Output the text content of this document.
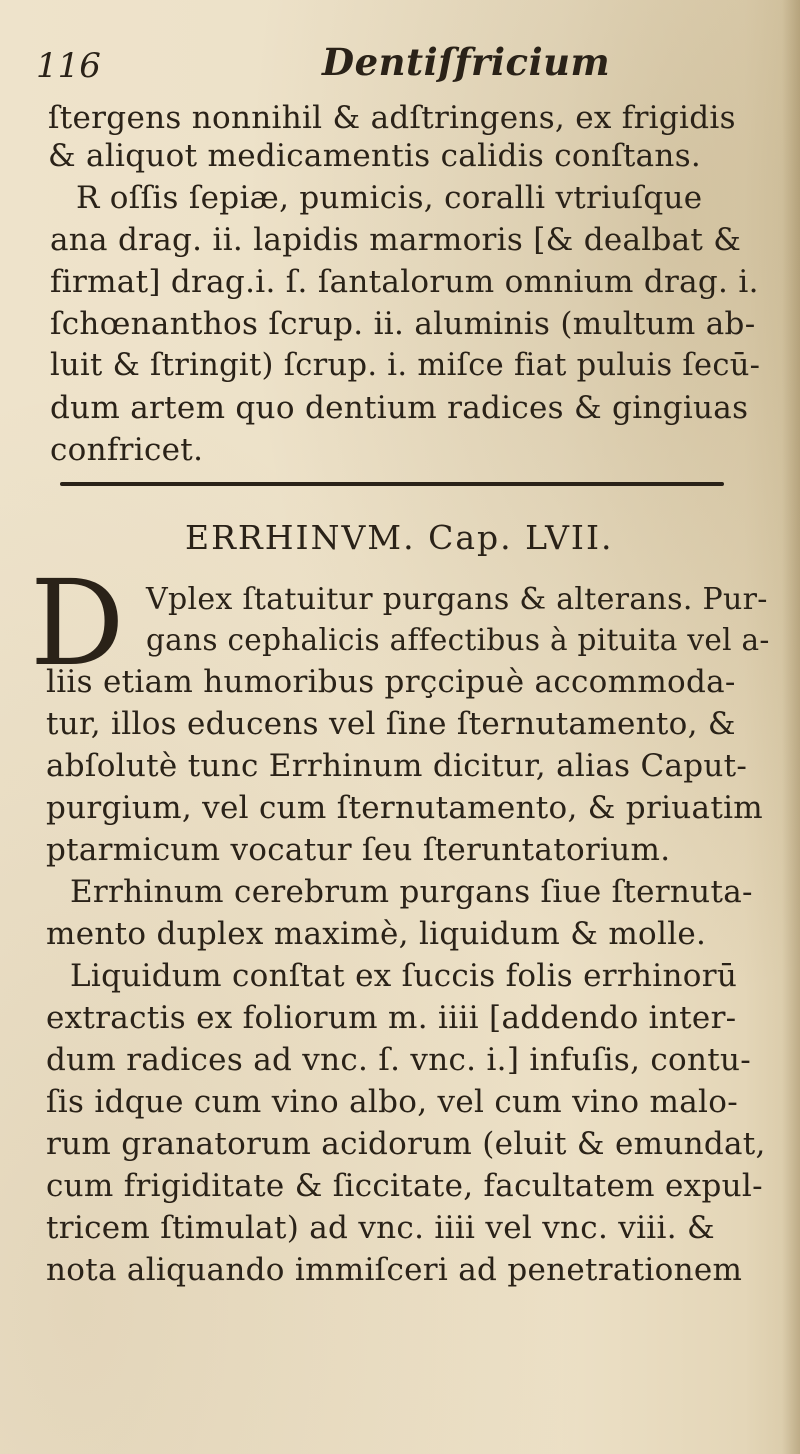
116	Dentiſfricium
ſtergens nonnihil & adſtringens, ex frigidis
& aliquot medicamentis calidis conſtans.
R oſſis ſepiæ, pumicis, coralli vtriuſque
ana drag. ii. lapidis marmoris [& dealbat &
firmat] drag.i. ſ. ſantalorum omnium drag. i.
ſchœnanthos ſcrup. ii. aluminis (multum ab-
luit & ſtringit) ſcrup. i. miſce fiat puluis ſecū-
dum artem quo dentium radices & gingiuas
confricet.
ERRHINVM. Cap. LVII.
D Vplex ſtatuitur purgans & alterans. Pur-
gans cephalicis affectibus à pituita vel a-
liis etiam humoribus prçcipuè accommoda-
tur, illos educens vel ſine ſternutamento, &
abſolutè tunc Errhinum dicitur, alias Caput-
purgium, vel cum ſternutamento, & priuatim
ptarmicum vocatur ſeu ſteruntatorium.
Errhinum cerebrum purgans ſiue ſternuta-
mento duplex maximè, liquidum & molle.
Liquidum conſtat ex ſuccis folis errhinorū
extractis ex foliorum m. iiii [addendo inter-
dum radices ad vnc. ſ. vnc. i.] infuſis, contu-
ſis idque cum vino albo, vel cum vino malo-
rum granatorum acidorum (eluit & emundat,
cum frigiditate & ſiccitate, facultatem expul-
tricem ſtimulat) ad vnc. iiii vel vnc. viii. &
nota aliquando immiſceri ad penetrationem
